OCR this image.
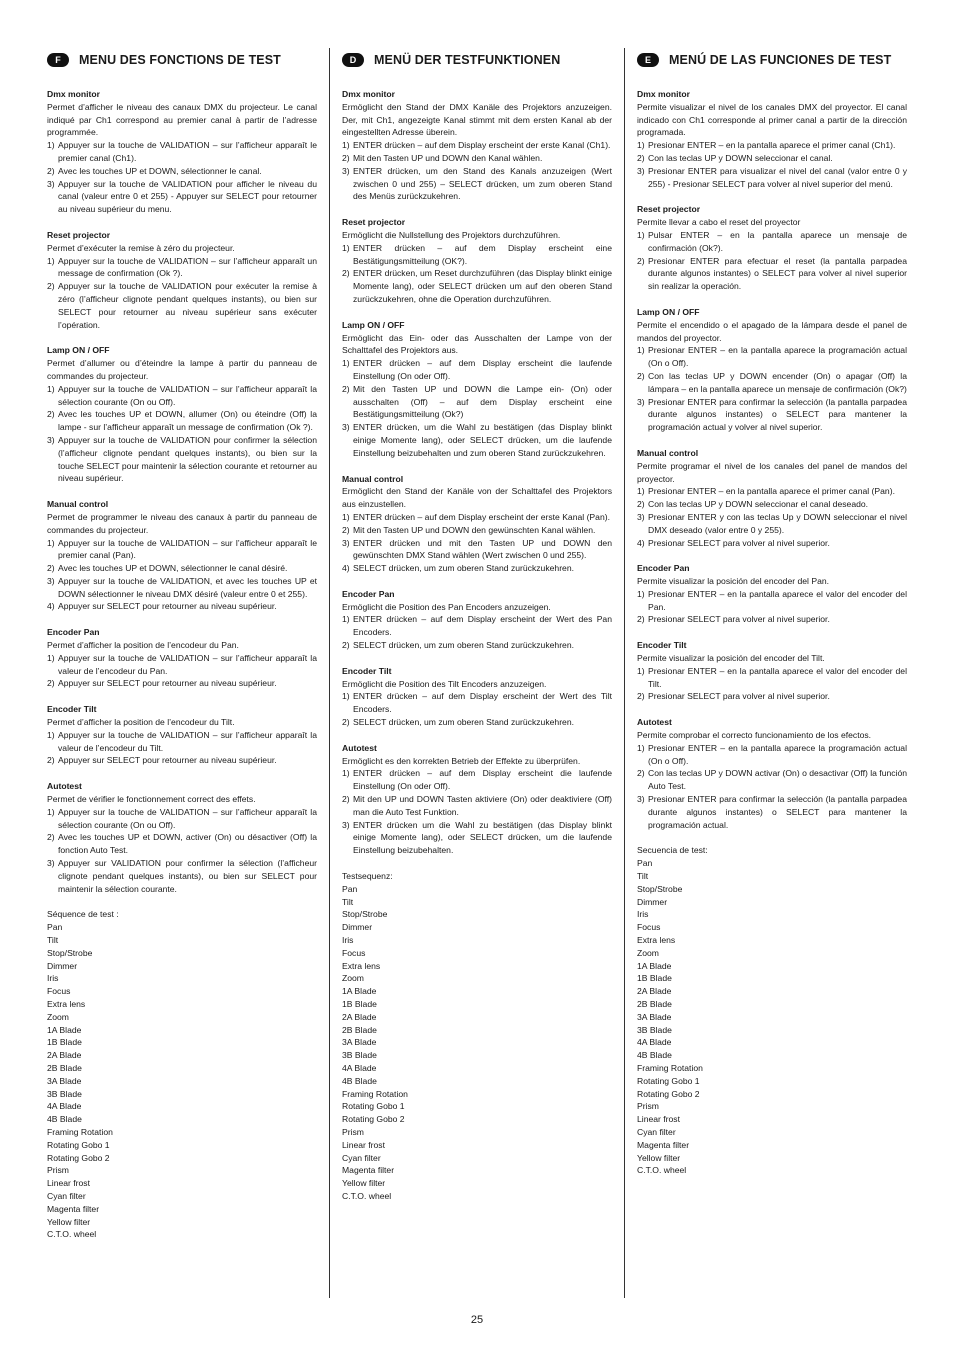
F	MENU DES FONCTIONS DE TEST
Dmx monitor
Permet d’afficher le niveau des canaux DMX du projecteur. Le canal indiqué par Ch1 correspond au premier canal à partir de l’adresse programmée.
1) Appuyer sur la touche de VALIDATION – sur l’afficheur apparaît le premier canal (Ch1).
2) Avec les touches UP et DOWN, sélectionner le canal.
3) Appuyer sur la touche de VALIDATION pour afficher le niveau du canal (valeur entre 0 et 255) - Appuyer sur SELECT pour retourner au niveau supérieur du menu.
Reset projector
Permet d’exécuter la remise à zéro du projecteur.
1) Appuyer sur la touche de VALIDATION – sur l’afficheur apparaît un message de confirmation (Ok ?).
2) Appuyer sur la touche de VALIDATION pour exécuter la remise à zéro (l’afficheur clignote pendant quelques instants), ou bien sur SELECT pour retourner au niveau supérieur sans exécuter l’opération.
Lamp ON / OFF
Permet d’allumer ou d’éteindre la lampe à partir du panneau de commandes du projecteur.
1) Appuyer sur la touche de VALIDATION – sur l’afficheur apparaît la sélection courante (On ou Off).
2) Avec les touches UP et DOWN, allumer (On) ou éteindre (Off) la lampe - sur l’afficheur apparaît un message de confirmation (Ok ?).
3) Appuyer sur la touche de VALIDATION pour confirmer la sélection (l’afficheur clignote pendant quelques instants), ou bien sur la touche SELECT pour maintenir la sélection courante et retourner au niveau supérieur.
Manual control
Permet de programmer le niveau des canaux à partir du panneau de commandes du projecteur.
1) Appuyer sur la touche de VALIDATION – sur l’afficheur apparaît le premier canal (Pan).
2) Avec les touches UP et DOWN, sélectionner le canal désiré.
3) Appuyer sur la touche de VALIDATION, et avec les touches UP et DOWN sélectionner le niveau DMX désiré (valeur entre 0 et 255).
4) Appuyer sur SELECT pour retourner au niveau supérieur.
Encoder Pan
Permet d’afficher la position de l’encodeur du Pan.
1) Appuyer sur la touche de VALIDATION – sur l’afficheur apparaît la valeur de l’encodeur du Pan.
2) Appuyer sur SELECT pour retourner au niveau supérieur.
Encoder Tilt
Permet d’afficher la position de l’encodeur du Tilt.
1) Appuyer sur la touche de VALIDATION – sur l’afficheur apparaît la valeur de l’encodeur du Tilt.
2) Appuyer sur SELECT pour retourner au niveau supérieur.
Autotest
Permet de vérifier le fonctionnement correct des effets.
1) Appuyer sur la touche de VALIDATION – sur l’afficheur apparaît la sélection courante (On ou Off).
2) Avec les touches UP et DOWN, activer (On) ou désactiver (Off) la fonction Auto Test.
3) Appuyer sur VALIDATION pour confirmer la sélection (l’afficheur clignote pendant quelques instants), ou bien sur SELECT pour maintenir la sélection courante.
Séquence de test :
Pan
Tilt
Stop/Strobe
Dimmer
Iris
Focus
Extra lens
Zoom
1A Blade
1B Blade
2A Blade
2B Blade
3A Blade
3B Blade
4A Blade
4B Blade
Framing Rotation
Rotating Gobo 1
Rotating Gobo 2
Prism
Linear frost
Cyan filter
Magenta filter
Yellow filter
C.T.O. wheel
D	MENÜ DER TESTFUNKTIONEN
Dmx monitor
Ermöglicht den Stand der DMX Kanäle des Projektors anzuzeigen. Der, mit Ch1, angezeigte Kanal stimmt mit dem ersten Kanal ab der eingestellten Adresse überein.
1) ENTER drücken – auf dem Display erscheint der erste Kanal (Ch1).
2) Mit den Tasten UP und DOWN den Kanal wählen.
3) ENTER drücken, um den Stand des Kanals anzuzeigen (Wert zwischen 0 und 255) – SELECT drücken, um zum oberen Stand des Menüs zurückzukehren.
Reset projector
Ermöglicht die Nullstellung des Projektors durchzuführen.
1) ENTER drücken – auf dem Display erscheint eine Bestätigungsmitteilung (OK?).
2) ENTER drücken, um Reset durchzuführen (das Display blinkt einige Momente lang), oder SELECT drücken um auf den oberen Stand zurückzukehren, ohne die Operation durchzuführen.
Lamp ON / OFF
Ermöglicht das Ein- oder das Ausschalten der Lampe von der Schalttafel des Projektors aus.
1) ENTER drücken – auf dem Display erscheint die laufende Einstellung (On oder Off).
2) Mit den Tasten UP und DOWN die Lampe ein- (On) oder ausschalten (Off) – auf dem Display erscheint eine Bestätigungsmitteilung (Ok?)
3) ENTER drücken, um die Wahl zu bestätigen (das Display blinkt einige Momente lang), oder SELECT drücken, um die laufende Einstellung beizubehalten und zum oberen Stand zurückzukehren.
Manual control
Ermöglicht den Stand der Kanäle von der Schalttafel des Projektors aus einzustellen.
1) ENTER drücken – auf dem Display erscheint der erste Kanal (Pan).
2) Mit den Tasten UP und DOWN den gewünschten Kanal wählen.
3) ENTER drücken und mit den Tasten UP und DOWN den gewünschten DMX Stand wählen (Wert zwischen 0 und 255).
4) SELECT drücken, um zum oberen Stand zurückzukehren.
Encoder Pan
Ermöglicht die Position des Pan Encoders anzuzeigen.
1) ENTER drücken – auf dem Display erscheint der Wert des Pan Encoders.
2) SELECT drücken, um zum oberen Stand zurückzukehren.
Encoder Tilt
Ermöglicht die Position des Tilt Encoders anzuzeigen.
1) ENTER drücken – auf dem Display erscheint der Wert des Tilt Encoders.
2) SELECT drücken, um zum oberen Stand zurückzukehren.
Autotest
Ermöglicht es den korrekten Betrieb der Effekte zu überprüfen.
1) ENTER drücken – auf dem Display erscheint die laufende Einstellung (On oder Off).
2) Mit den UP und DOWN Tasten aktiviere (On) oder deaktiviere (Off) man die Auto Test Funktion.
3) ENTER drücken um die Wahl zu bestätigen (das Display blinkt einige Momente lang), oder SELECT drücken, um die laufende Einstellung beizubehalten.
Testsequenz:
Pan
Tilt
Stop/Strobe
Dimmer
Iris
Focus
Extra lens
Zoom
1A Blade
1B Blade
2A Blade
2B Blade
3A Blade
3B Blade
4A Blade
4B Blade
Framing Rotation
Rotating Gobo 1
Rotating Gobo 2
Prism
Linear frost
Cyan filter
Magenta filter
Yellow filter
C.T.O. wheel
E	MENÚ DE LAS FUNCIONES DE TEST
Dmx monitor
Permite visualizar el nivel de los canales DMX del proyector. El canal indicado con Ch1 corresponde al primer canal a partir de la dirección programada.
1) Presionar ENTER – en la pantalla aparece el primer canal (Ch1).
2) Con las teclas UP y DOWN seleccionar el canal.
3) Presionar ENTER para visualizar el nivel del canal (valor entre 0 y 255) - Presionar SELECT para volver al nivel superior del menú.
Reset projector
Permite llevar a cabo el reset del proyector
1) Pulsar ENTER – en la pantalla aparece un mensaje de confirmación (Ok?).
2) Presionar ENTER para efectuar el reset (la pantalla parpadea durante algunos instantes) o SELECT para volver al nivel superior sin realizar la operación.
Lamp ON / OFF
Permite el encendido o el apagado de la lámpara desde el panel de mandos del proyector.
1) Presionar ENTER – en la pantalla aparece la programación actual (On o Off).
2) Con las teclas UP y DOWN encender (On) o apagar (Off) la lámpara – en la pantalla aparece un mensaje de confirmación (Ok?)
3) Presionar ENTER para confirmar la selección (la pantalla parpadea durante algunos instantes) o SELECT para mantener la programación actual y volver al nivel superior.
Manual control
Permite programar el nivel de los canales del panel de mandos del proyector.
1) Presionar ENTER – en la pantalla aparece el primer canal (Pan).
2) Con las teclas UP y DOWN seleccionar el canal deseado.
3) Presionar ENTER y con las teclas Up y DOWN seleccionar el nivel DMX deseado (valor entre 0 y 255).
4) Presionar SELECT para volver al nivel superior.
Encoder Pan
Permite visualizar la posición del encoder del Pan.
1) Presionar ENTER – en la pantalla aparece el valor del encoder del Pan.
2) Presionar SELECT para volver al nivel superior.
Encoder Tilt
Permite visualizar la posición del encoder del Tilt.
1) Presionar ENTER – en la pantalla aparece el valor del encoder del Tilt.
2) Presionar SELECT para volver al nivel superior.
Autotest
Permite comprobar el correcto funcionamiento de los efectos.
1) Presionar ENTER – en la pantalla aparece la programación actual (On o Off).
2) Con las teclas UP y DOWN activar (On) o desactivar (Off) la función Auto Test.
3) Presionar ENTER para confirmar la selección (la pantalla parpadea durante algunos instantes) o SELECT para mantener la programación actual.
Secuencia de test:
Pan
Tilt
Stop/Strobe
Dimmer
Iris
Focus
Extra lens
Zoom
1A Blade
1B Blade
2A Blade
2B Blade
3A Blade
3B Blade
4A Blade
4B Blade
Framing Rotation
Rotating Gobo 1
Rotating Gobo 2
Prism
Linear frost
Cyan filter
Magenta filter
Yellow filter
C.T.O. wheel
25
